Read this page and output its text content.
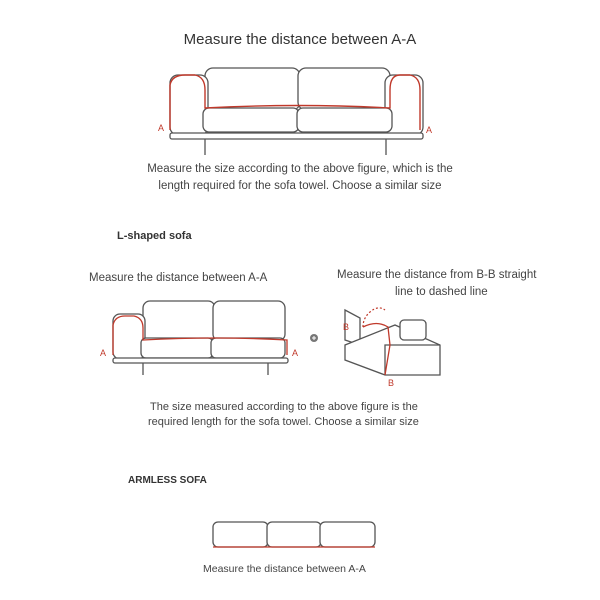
Measure the distance between A-A
A	A
A	A
B
B
Measure the size according to the above figure, which is the
length required for the sofa towel. Choose a similar size
L-shaped sofa
Measure the distance between A-A	Measure the distance from B-B straight
line to dashed line
The size measured according to the above figure is the
required length for the sofa towel. Choose a similar size
ARMLESS SOFA
Measure the distance between A-A
